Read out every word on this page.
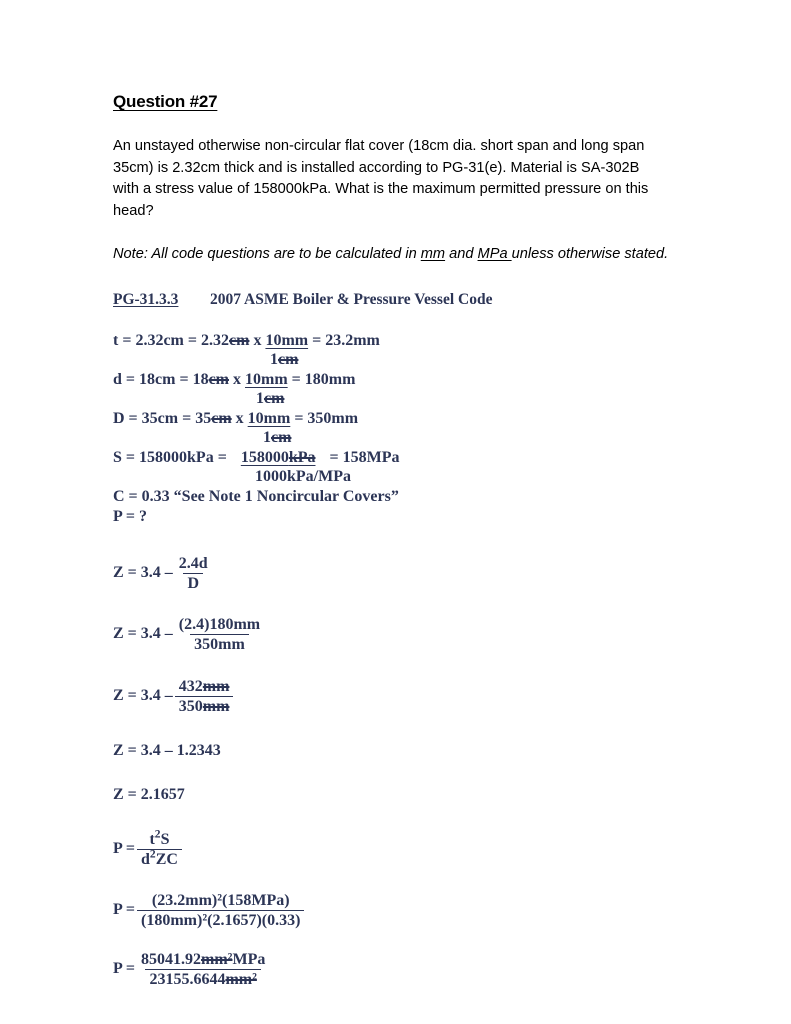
Question #27

An unstayed otherwise non-circular flat cover (18cm dia. short span and long span 35cm) is 2.32cm thick and is installed according to PG-31(e). Material is SA-302B with a stress value of 158000kPa. What is the maximum permitted pressure on this head?

Note: All code questions are to be calculated in mm and MPa unless otherwise stated.

PG-31.3.3	2007 ASME Boiler & Pressure Vessel Code
t = 2.32cm = 2.32cm x 10mm = 23.2mm
1cm
d = 18cm = 18cm x 10mm = 180mm
1cm
D = 35cm = 35cm x 10mm = 350mm
1cm
S = 158000kPa = 158000kPa = 158MPa
1000kPa/MPa
C = 0.33 “See Note 1 Noncircular Covers”
P = ?
$Z = 3.4 - \frac{2.4d}{D}$
$Z = 3.4 - \frac{(2.4)180mm}{350mm}$
$Z = 3.4 - \frac{432mm}{350mm}$
Z = 3.4 – 1.2343
Z = 2.1657
$P = \frac{t^2S}{d^2ZC}$
$P = \frac{\text{(23.2mm)²(158MPa)}}{\text{(180mm)²(2.1657)(0.33)}}$
$P = \frac{\text{85041.92mm²MPa}}{\text{23155.6644mm²}}$
